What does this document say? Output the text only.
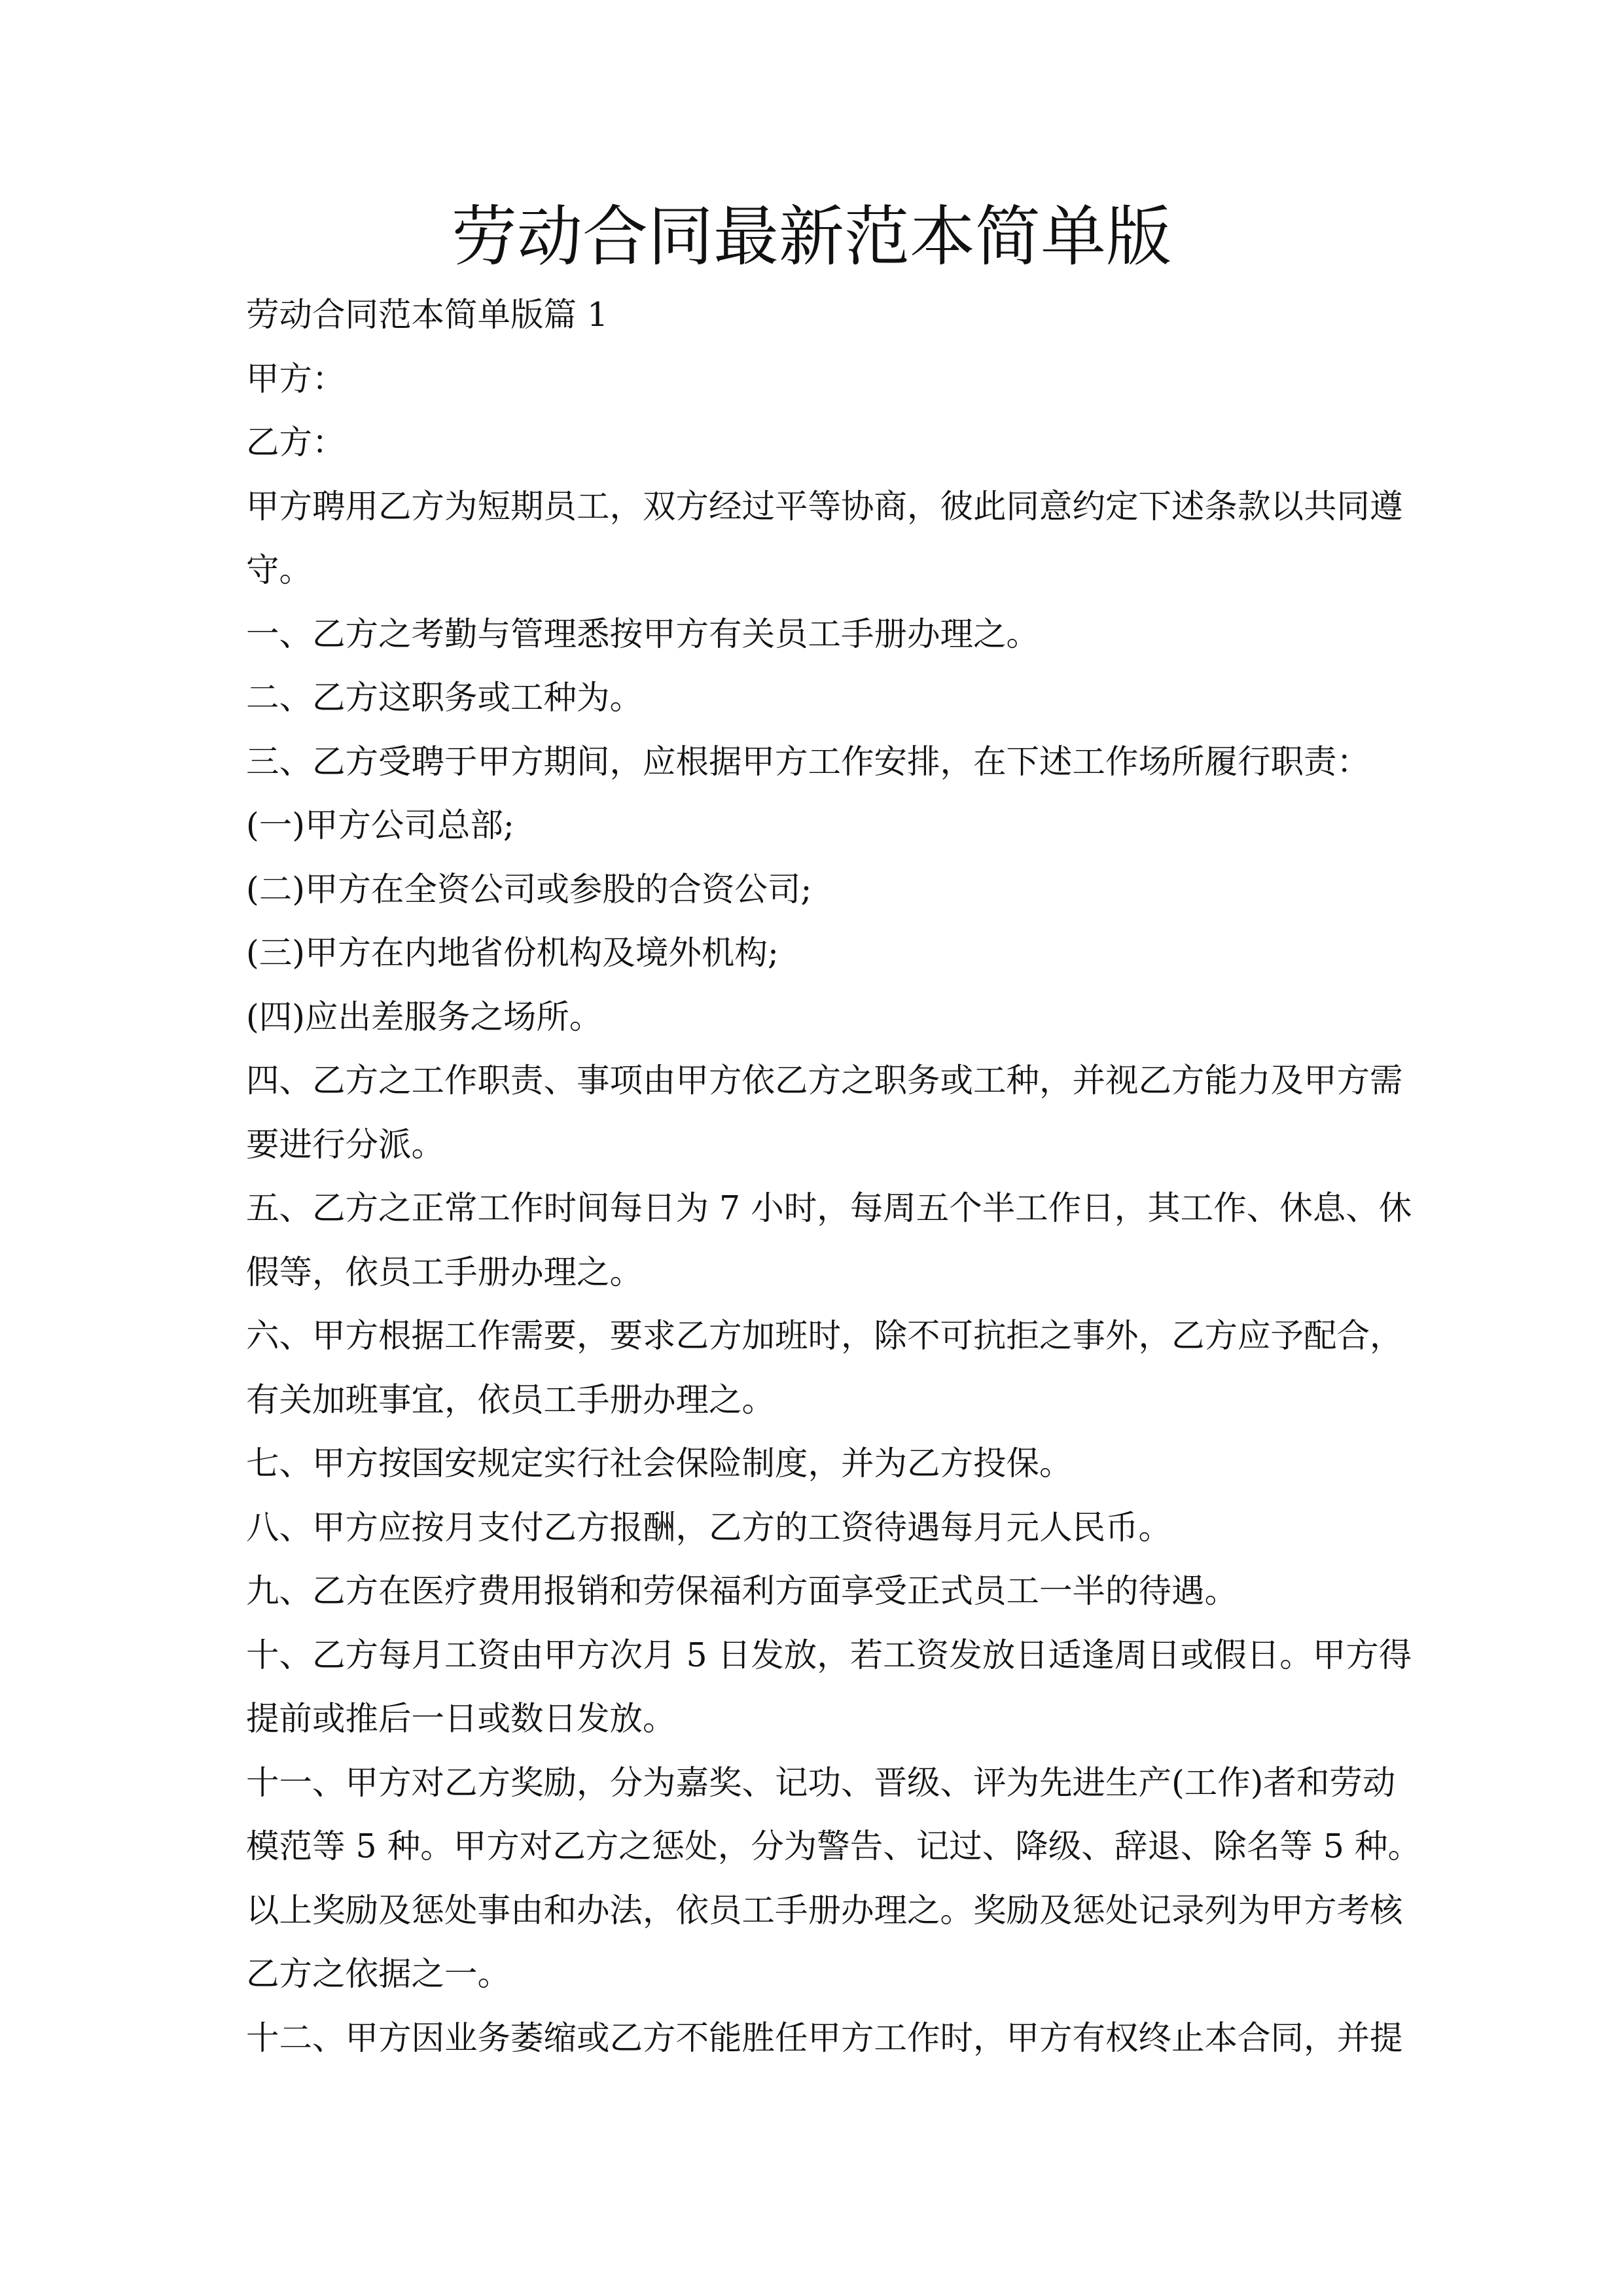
劳动合同最新范本简单版
劳动合同范本简单版篇 1
甲方：
乙方：
甲方聘用乙方为短期员工，双方经过平等协商，彼此同意约定下述条款以共同遵
守。
一、乙方之考勤与管理悉按甲方有关员工手册办理之。
二、乙方这职务或工种为。
三、乙方受聘于甲方期间，应根据甲方工作安排，在下述工作场所履行职责：
(一)甲方公司总部;
(二)甲方在全资公司或参股的合资公司;
(三)甲方在内地省份机构及境外机构;
(四)应出差服务之场所。
四、乙方之工作职责、事项由甲方依乙方之职务或工种，并视乙方能力及甲方需
要进行分派。
五、乙方之正常工作时间每日为 7 小时，每周五个半工作日，其工作、休息、休
假等，依员工手册办理之。
六、甲方根据工作需要，要求乙方加班时，除不可抗拒之事外，乙方应予配合，
有关加班事宜，依员工手册办理之。
七、甲方按国安规定实行社会保险制度，并为乙方投保。
八、甲方应按月支付乙方报酬，乙方的工资待遇每月元人民币。
九、乙方在医疗费用报销和劳保福利方面享受正式员工一半的待遇。
十、乙方每月工资由甲方次月 5 日发放，若工资发放日适逢周日或假日。甲方得
提前或推后一日或数日发放。
十一、甲方对乙方奖励，分为嘉奖、记功、晋级、评为先进生产(工作)者和劳动
模范等 5 种。甲方对乙方之惩处，分为警告、记过、降级、辞退、除名等 5 种。
以上奖励及惩处事由和办法，依员工手册办理之。奖励及惩处记录列为甲方考核
乙方之依据之一。
十二、甲方因业务萎缩或乙方不能胜任甲方工作时，甲方有权终止本合同，并提
